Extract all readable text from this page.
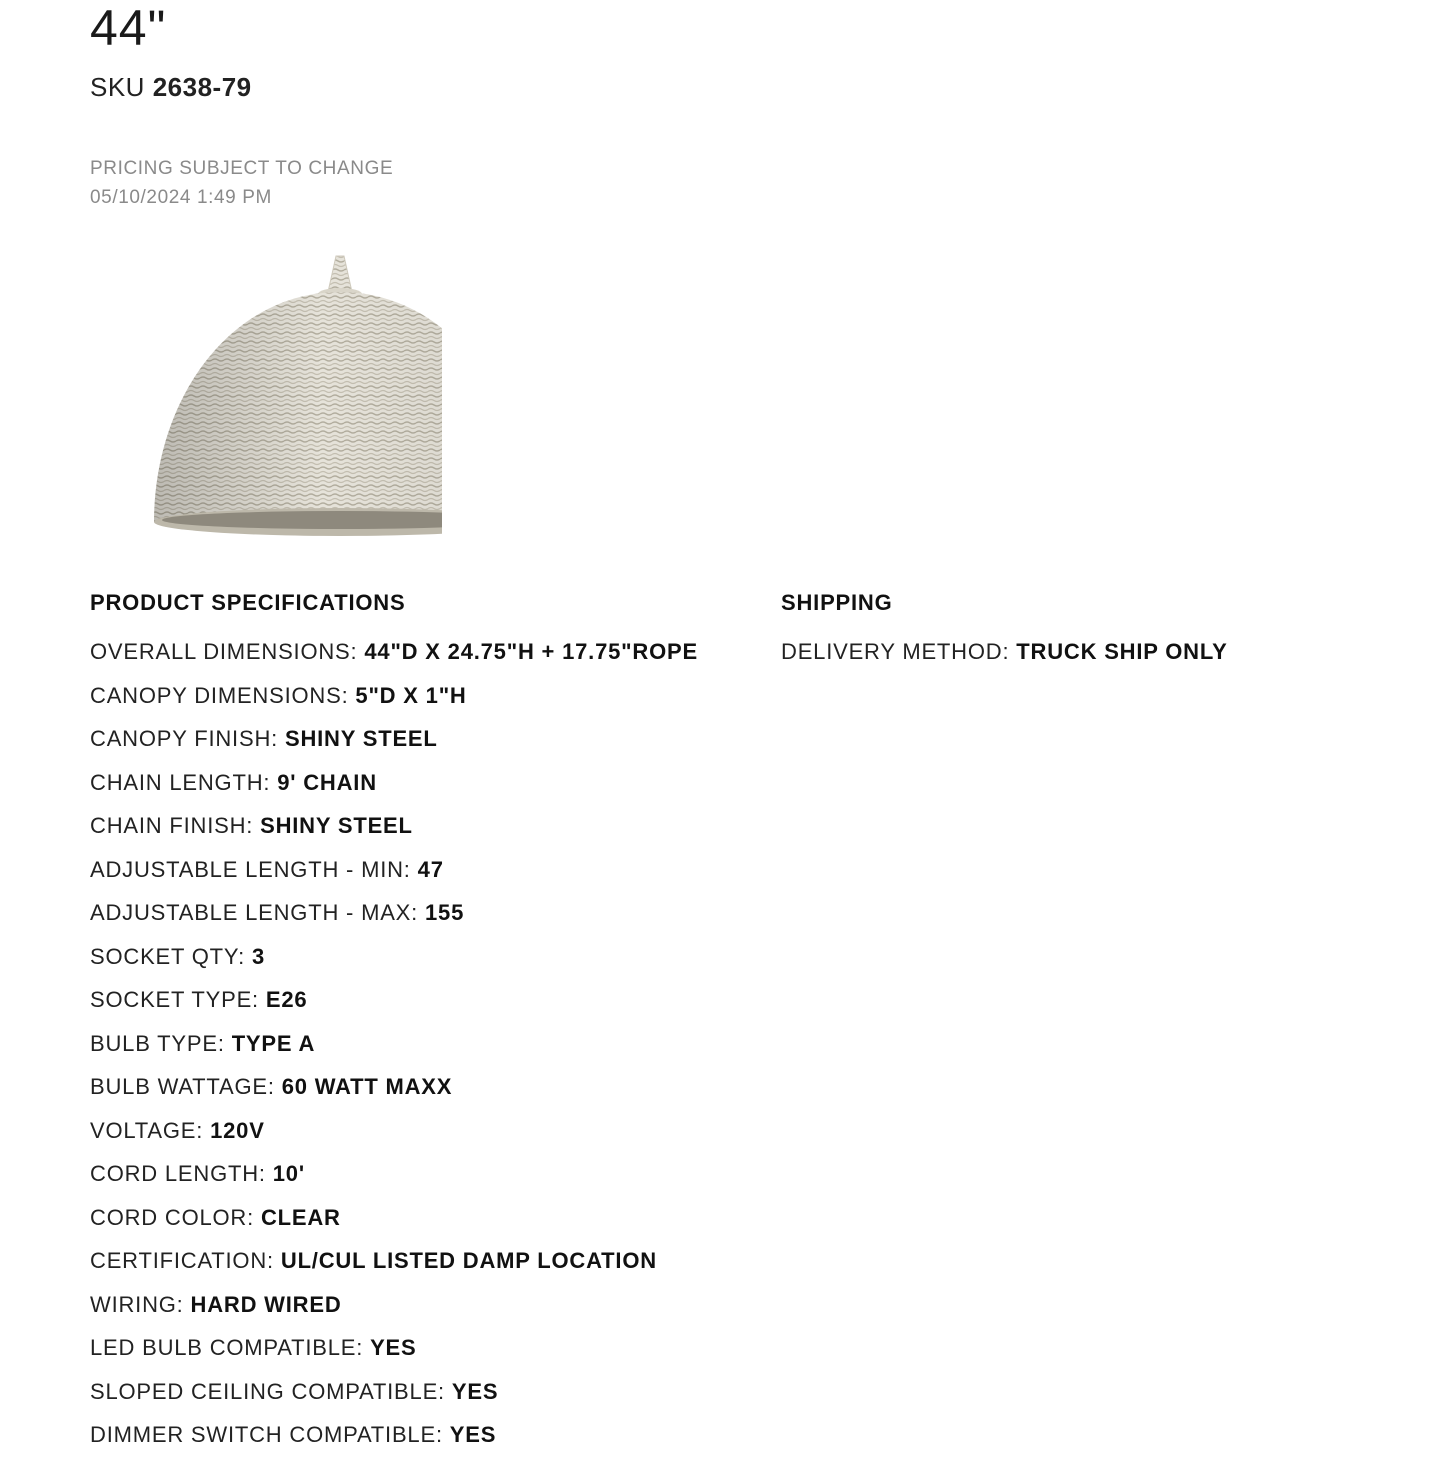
44"
SKU 2638-79
PRICING SUBJECT TO CHANGE
05/10/2024 1:49 PM
PRODUCT SPECIFICATIONS
OVERALL DIMENSIONS: 44"D X 24.75"H + 17.75"ROPE
CANOPY DIMENSIONS: 5"D X 1"H
CANOPY FINISH: SHINY STEEL
CHAIN LENGTH: 9' CHAIN
CHAIN FINISH: SHINY STEEL
ADJUSTABLE LENGTH - MIN: 47
ADJUSTABLE LENGTH - MAX: 155
SOCKET QTY: 3
SOCKET TYPE: E26
BULB TYPE: TYPE A
BULB WATTAGE: 60 WATT MAXX
VOLTAGE: 120V
CORD LENGTH: 10'
CORD COLOR: CLEAR
CERTIFICATION: UL/CUL LISTED DAMP LOCATION
WIRING: HARD WIRED
LED BULB COMPATIBLE: YES
SLOPED CEILING COMPATIBLE: YES
DIMMER SWITCH COMPATIBLE: YES
SHIPPING
DELIVERY METHOD: TRUCK SHIP ONLY
